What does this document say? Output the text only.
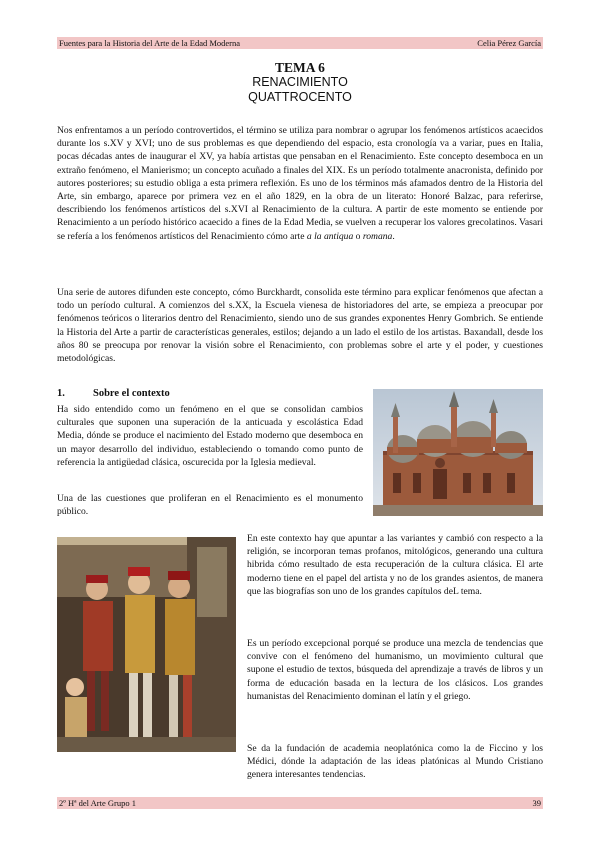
Fuentes para la Historia del Arte de la Edad Moderna	Celia Pérez García
TEMA 6
RENACIMIENTO
QUATTROCENTO

Nos enfrentamos a un período controvertidos, el término se utiliza para nombrar o agrupar los fenómenos artísticos acaecidos durante los s.XV y XVI; uno de sus problemas es que dependiendo del espacio, esta cronología va a variar, pues en Italia, pocas décadas antes de inaugurar el XV, ya había artistas que pensaban en el Renacimiento. Este concepto desemboca en un extraño fenómeno, el Manierismo; un concepto acuñado a finales del XIX. Es un período totalmente anacronista, definido por autores posteriores; su estudio obliga a esta primera reflexión. Es uno de los términos más afamados dentro de la Historia del Arte, sin embargo, aparece por primera vez en el año 1829, en la obra de un literato: Honoré Balzac, para referirse, describiendo los fenómenos artísticos del s.XVI al Renacimiento de la cultura. A partir de este momento se entiende por Renacimiento a un período histórico acaecido a fines de la Edad Media, se vuelven a recuperar los valores grecolatinos. Vasari se refería a los fenómenos artísticos del Renacimiento cómo arte a la antiqua o romana.

Una serie de autores difunden este concepto, cómo Burckhardt, consolida este término para explicar fenómenos que afectan a todo un período cultural. A comienzos del s.XX, la Escuela vienesa de historiadores del arte, se empieza a preocupar por fenómenos teóricos o literarios dentro del Renacimiento, siendo uno de sus grandes exponentes Henry Gombrich. Se entiende la Historia del Arte a partir de características generales, estilos; dejando a un lado el estilo de los artistas. Baxandall, desde los años 80 se preocupa por renovar la visión sobre el Renacimiento, con problemas sobre el arte y el poder, y cuestiones metodológicas.

1.	Sobre el contexto

Ha sido entendido como un fenómeno en el que se consolidan cambios culturales que suponen una superación de la anticuada y escolástica Edad Media, dónde se produce el nacimiento del Estado moderno que desemboca en un mayor desarrollo del individuo, estableciendo o tomando como punto de referencia la antigüedad clásica, oscurecida por la Iglesia medieval.

Una de las cuestiones que proliferan en el Renacimiento es el monumento público.

En este contexto hay que apuntar a las variantes y cambió con respecto a la religión, se incorporan temas profanos, mitológicos, generando una cultura hibrida cómo resultado de esta recuperación de la cultura clásica. El arte moderno tiene en el papel del artista y no de los grandes asientos, de manera que las biografías son uno de los grandes capítulos deL tema.

Es un período excepcional porqué se produce una mezcla de tendencias que convive con el fenómeno del humanismo, un movimiento cultural que supone el estudio de textos, búsqueda del aprendizaje a través de libros y un forma de educación basada en la lectura de los clásicos. Los grandes humanistas del Renacimiento dominan el latín y el griego.

Se da la fundación de academia neoplatónica como la de Ficcino y los Médici, dónde la adaptación de las ideas platónicas al Mundo Cristiano genera interesantes tendencias.

2º Hª del Arte Grupo 1	39
